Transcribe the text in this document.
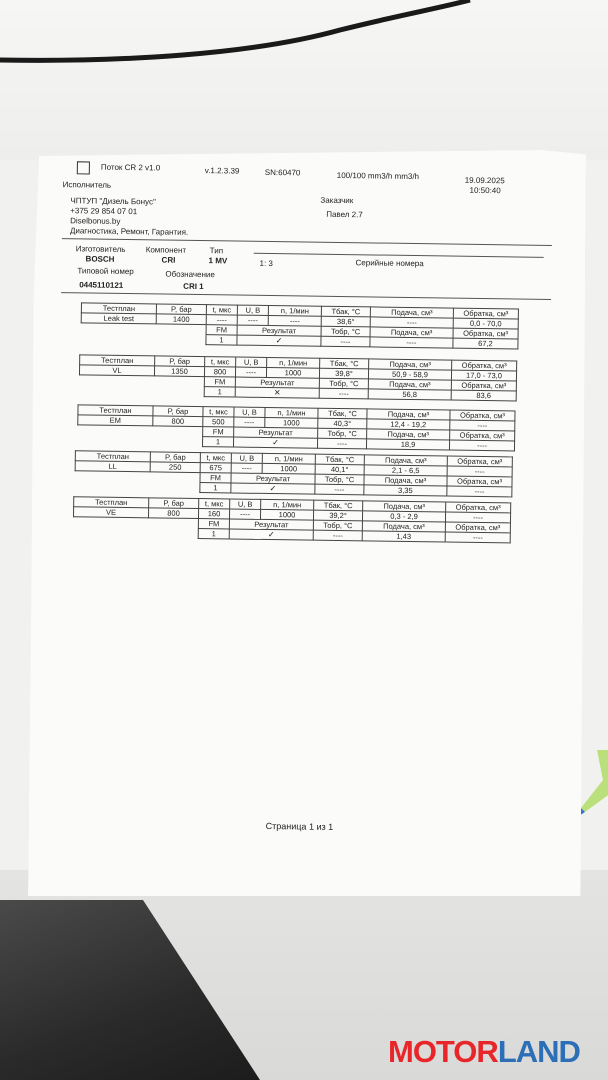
Поток CR 2 v1.0	v.1.2.3.39	SN:60470	100/100 mm3/h mm3/h	19.09.2025
10:50:40
Исполнитель
ЧПТУП "Дизель Бонус"
+375 29 854 07 01
Diselbonus.by
Диагностика, Ремонт, Гарантия.
Заказчик
Павел 2.7
Изготовитель	Компонент	Тип
BOSCH	CRI	1 MV	1: 3	Серийные номера
Типовой номер	Обозначение
0445110121	CRI 1
Тестплан	P, бар	t, мкс	U, B	n, 1/мин	Тбак, °C	Подача, см³	Обратка, см³
Leak test	1400	----	----	----	38,6°	----	0,0 - 70,0
		FM	Результат		Тобр, °C	Подача, см³	Обратка, см³
		1	✓		----	----	67,2
Тестплан	P, бар	t, мкс	U, B	n, 1/мин	Тбак, °C	Подача, см³	Обратка, см³
VL	1350	800	----	1000	39,8°	50,9 - 58,9	17,0 - 73,0
		FM	Результат		Тобр, °C	Подача, см³	Обратка, см³
		1	✕		----	56,8	83,6
Тестплан	P, бар	t, мкс	U, B	n, 1/мин	Тбак, °C	Подача, см³	Обратка, см³
EM	800	500	----	1000	40,3°	12,4 - 19,2	----
		FM	Результат		Тобр, °C	Подача, см³	Обратка, см³
		1	✓		----	18,9	----
Тестплан	P, бар	t, мкс	U, B	n, 1/мин	Тбак, °C	Подача, см³	Обратка, см³
LL	250	675	----	1000	40,1°	2,1 - 6,5	----
		FM	Результат		Тобр, °C	Подача, см³	Обратка, см³
		1	✓		----	3,35	----
Тестплан	P, бар	t, мкс	U, B	n, 1/мин	Тбак, °C	Подача, см³	Обратка, см³
VE	800	160	----	1000	39,2°	0,3 - 2,9	----
		FM	Результат		Тобр, °C	Подача, см³	Обратка, см³
		1	✓		----	1,43	----
Страница 1 из 1
MOTORLAND
